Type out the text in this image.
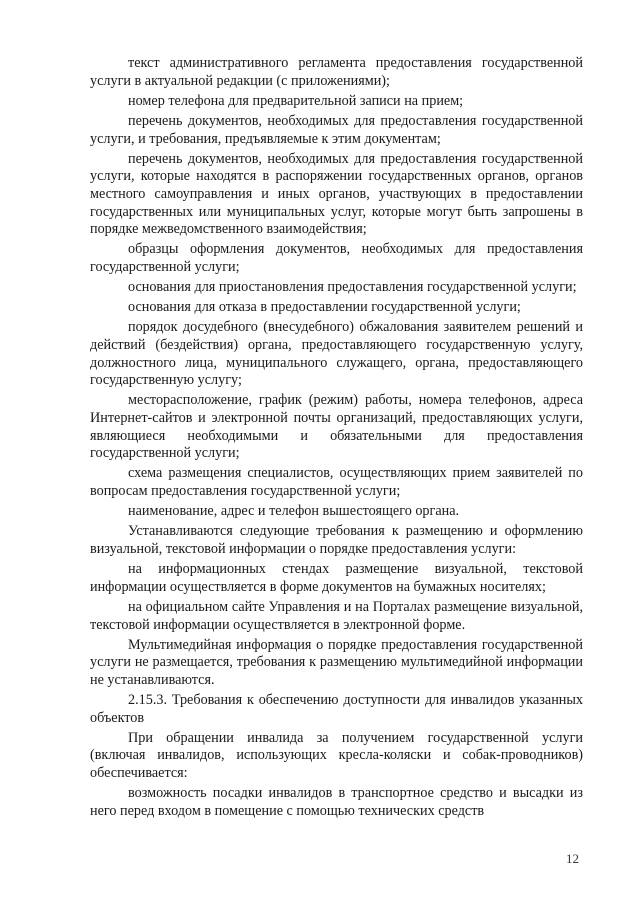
текст административного регламента предоставления государственной услуги в актуальной редакции (с приложениями);

номер телефона для предварительной записи на прием;

перечень документов, необходимых для предоставления государственной услуги, и требования, предъявляемые к этим документам;

перечень документов, необходимых для предоставления государственной услуги, которые находятся в распоряжении государственных органов, органов местного самоуправления и иных органов, участвующих в предоставлении государственных или муниципальных услуг, которые могут быть запрошены в порядке межведомственного взаимодействия;

образцы оформления документов, необходимых для предоставления государственной услуги;

основания для приостановления предоставления государственной услуги;

основания для отказа в предоставлении государственной услуги;

порядок досудебного (внесудебного) обжалования заявителем решений и действий (бездействия) органа, предоставляющего государственную услугу, должностного лица, муниципального служащего, органа, предоставляющего государственную услугу;

месторасположение, график (режим) работы, номера телефонов, адреса Интернет-сайтов и электронной почты организаций, предоставляющих услуги, являющиеся необходимыми и обязательными для предоставления государственной услуги;

схема размещения специалистов, осуществляющих прием заявителей по вопросам предоставления государственной услуги;

наименование, адрес и телефон вышестоящего органа.

Устанавливаются следующие требования к размещению и оформлению визуальной, текстовой информации о порядке предоставления услуги:

на информационных стендах размещение визуальной, текстовой информации осуществляется в форме документов на бумажных носителях;

на официальном сайте Управления и на Порталах размещение визуальной, текстовой информации осуществляется в электронной форме.

Мультимедийная информация о порядке предоставления государственной услуги не размещается, требования к размещению мультимедийной информации не устанавливаются.

2.15.3. Требования к обеспечению доступности для инвалидов указанных объектов

При обращении инвалида за получением государственной услуги (включая инвалидов, использующих кресла-коляски и собак-проводников) обеспечивается:

возможность посадки инвалидов в транспортное средство и высадки из него перед входом в помещение с помощью технических средств

12
